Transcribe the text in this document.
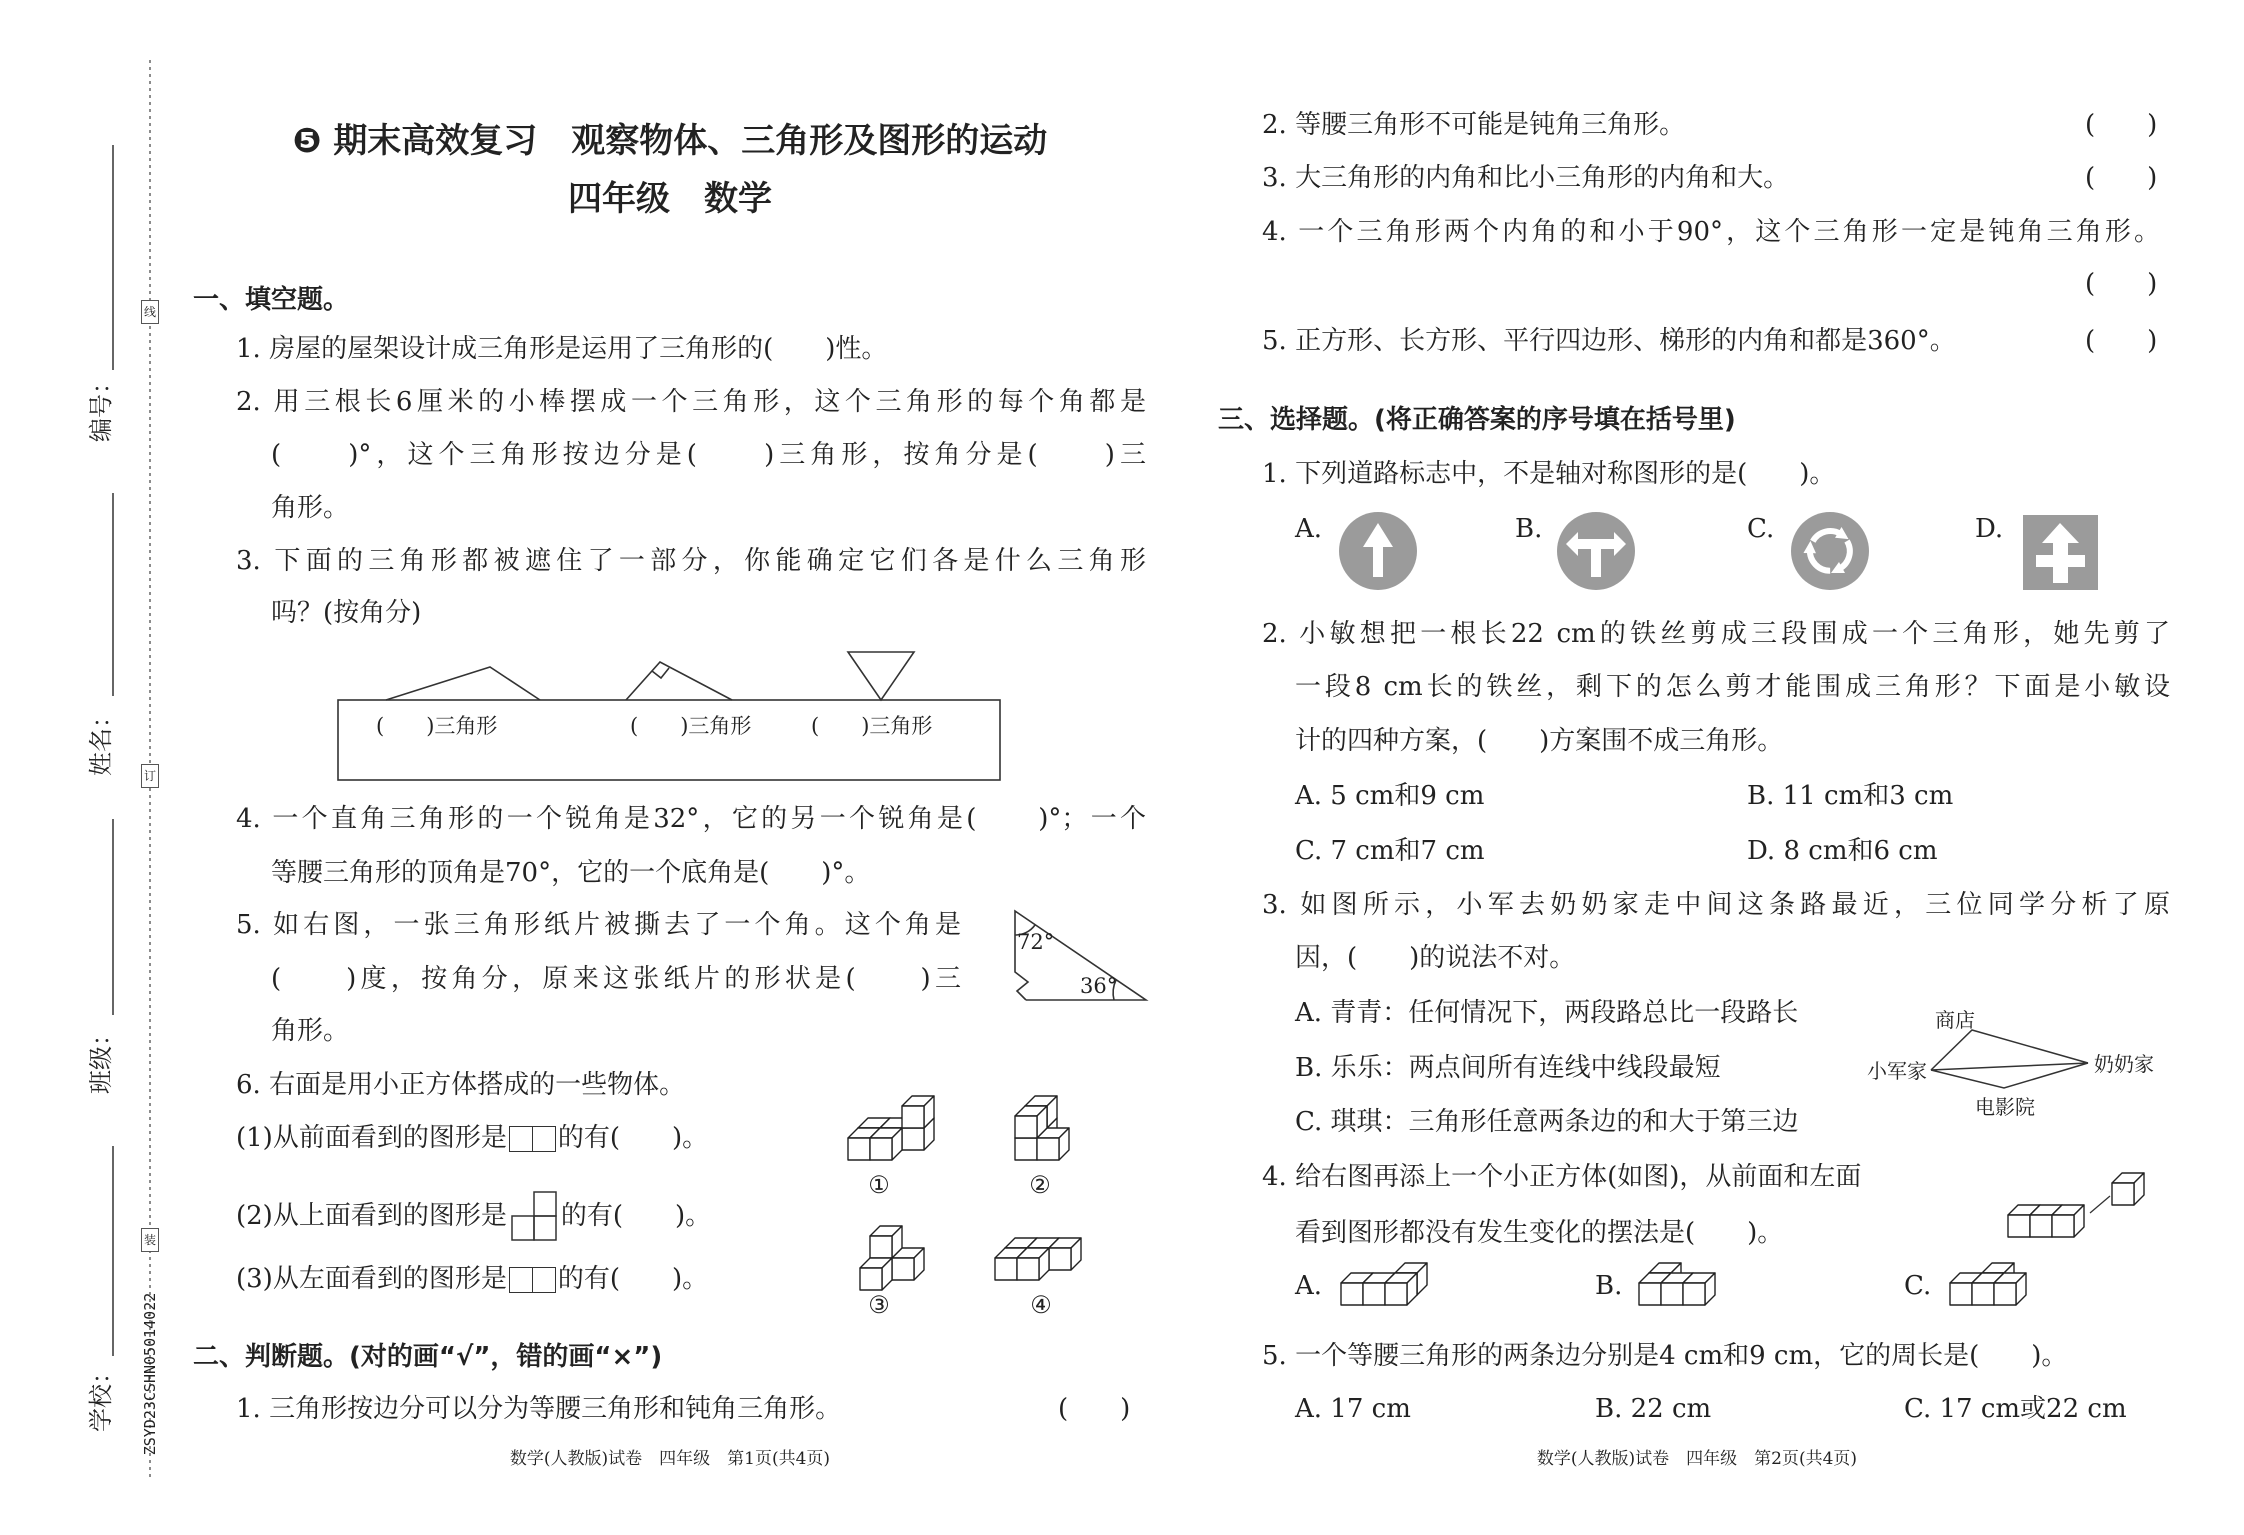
72°
36°
①	②
③	④
商店
小军家	奶奶家
电影院
编号：
姓名：
班级：
学校： ZSYD23CSHN05014022
线
订
装
❺ 期末高效复习　观察物体、三角形及图形的运动
四年级　数学
一、填空题。
1. 房屋的屋架设计成三角形是运用了三角形的(　　)性。
2. 用三根长6厘米的小棒摆成一个三角形，这个三角形的每个角都是
(　　)°，这个三角形按边分是(　　)三角形，按角分是(　　)三
角形。
3. 下面的三角形都被遮住了一部分，你能确定它们各是什么三角形
吗？(按角分)
(　　)三角形	(　　)三角形	(　　)三角形
4. 一个直角三角形的一个锐角是32°，它的另一个锐角是(　　)°；一个
等腰三角形的顶角是70°，它的一个底角是(　　)°。
5. 如右图，一张三角形纸片被撕去了一个角。这个角是
(　　)度，按角分，原来这张纸片的形状是(　　)三
角形。
6. 右面是用小正方体搭成的一些物体。
(1)从前面看到的图形是 的有(　　)。
(2)从上面看到的图形是 的有(　　)。
(3)从左面看到的图形是 的有(　　)。
二、判断题。(对的画“√”，错的画“×”)
1. 三角形按边分可以分为等腰三角形和钝角三角形。	(　　)
数学(人教版)试卷　四年级　第1页(共4页)
2. 等腰三角形不可能是钝角三角形。	(　　)
3. 大三角形的内角和比小三角形的内角和大。	(　　)
4. 一个三角形两个内角的和小于90°，这个三角形一定是钝角三角形。
(　　)
5. 正方形、长方形、平行四边形、梯形的内角和都是360°。	(　　)
三、选择题。(将正确答案的序号填在括号里)
1. 下列道路标志中，不是轴对称图形的是(　　)。
A.	B.	C.	D.
2. 小敏想把一根长22 cm的铁丝剪成三段围成一个三角形，她先剪了
一段8 cm长的铁丝，剩下的怎么剪才能围成三角形？下面是小敏设
计的四种方案，(　　)方案围不成三角形。
A. 5 cm和9 cm	B. 11 cm和3 cm
C. 7 cm和7 cm	D. 8 cm和6 cm
3. 如图所示，小军去奶奶家走中间这条路最近，三位同学分析了原
因，(　　)的说法不对。
A. 青青：任何情况下，两段路总比一段路长
B. 乐乐：两点间所有连线中线段最短
C. 琪琪：三角形任意两条边的和大于第三边
4. 给右图再添上一个小正方体(如图)，从前面和左面
看到图形都没有发生变化的摆法是(　　)。
A.	B.	C.
5. 一个等腰三角形的两条边分别是4 cm和9 cm，它的周长是(　　)。
A. 17 cm	B. 22 cm	C. 17 cm或22 cm
数学(人教版)试卷　四年级　第2页(共4页)
